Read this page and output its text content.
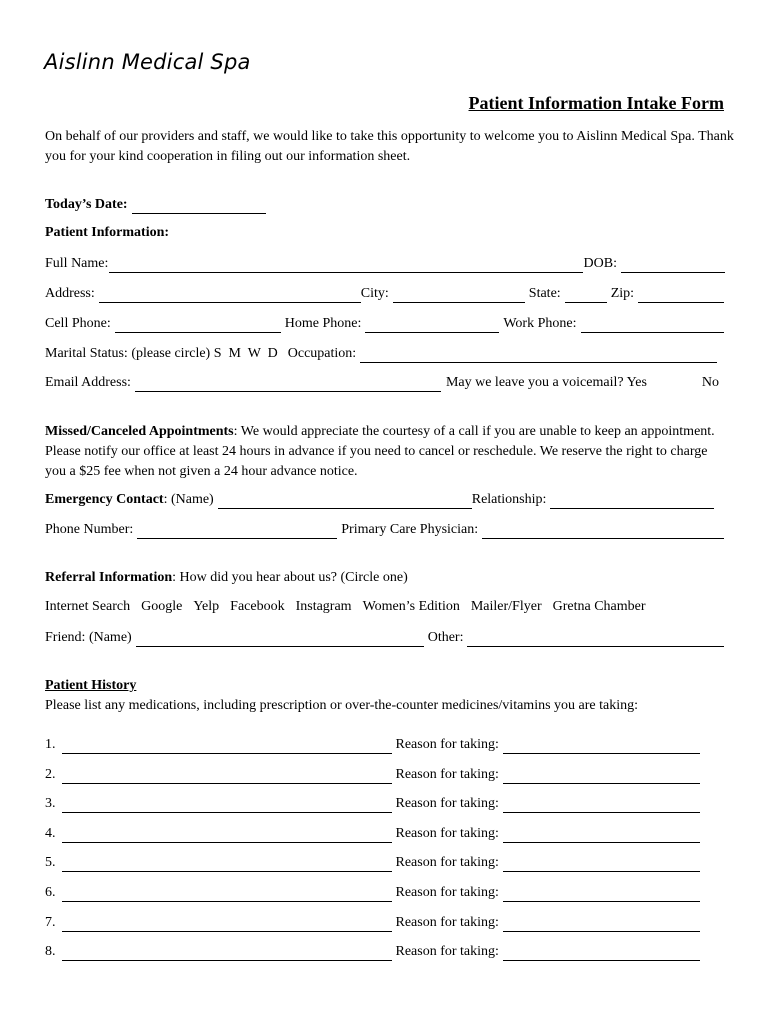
Aislinn Medical Spa
Patient Information Intake Form
On behalf of our providers and staff, we would like to take this opportunity to welcome you to Aislinn Medical Spa. Thank you for your kind cooperation in filing out our information sheet.
Today’s Date:
Patient Information:
Full Name:	DOB:
Address:	City:	State:	Zip:
Cell Phone:	Home Phone:	Work Phone:
Marital Status: (please circle) S  M  W  D Occupation:
Email Address:	May we leave you a voicemail? Yes	No
Missed/Canceled Appointments: We would appreciate the courtesy of a call if you are unable to keep an appointment. Please notify our office at least 24 hours in advance if you need to cancel or reschedule. We reserve the right to charge you a $25 fee when not given a 24 hour advance notice.
Emergency Contact : (Name)	Relationship:
Phone Number:	Primary Care Physician:
Referral Information: How did you hear about us? (Circle one)
Internet Search Google Yelp Facebook Instagram Women’s Edition Mailer/Flyer Gretna Chamber
Friend: (Name)	Other:
Patient History
Please list any medications, including prescription or over-the-counter medicines/vitamins you are taking:
1.	Reason for taking:
2.	Reason for taking:
3.	Reason for taking:
4.	Reason for taking:
5.	Reason for taking:
6.	Reason for taking:
7.	Reason for taking:
8.	Reason for taking:
